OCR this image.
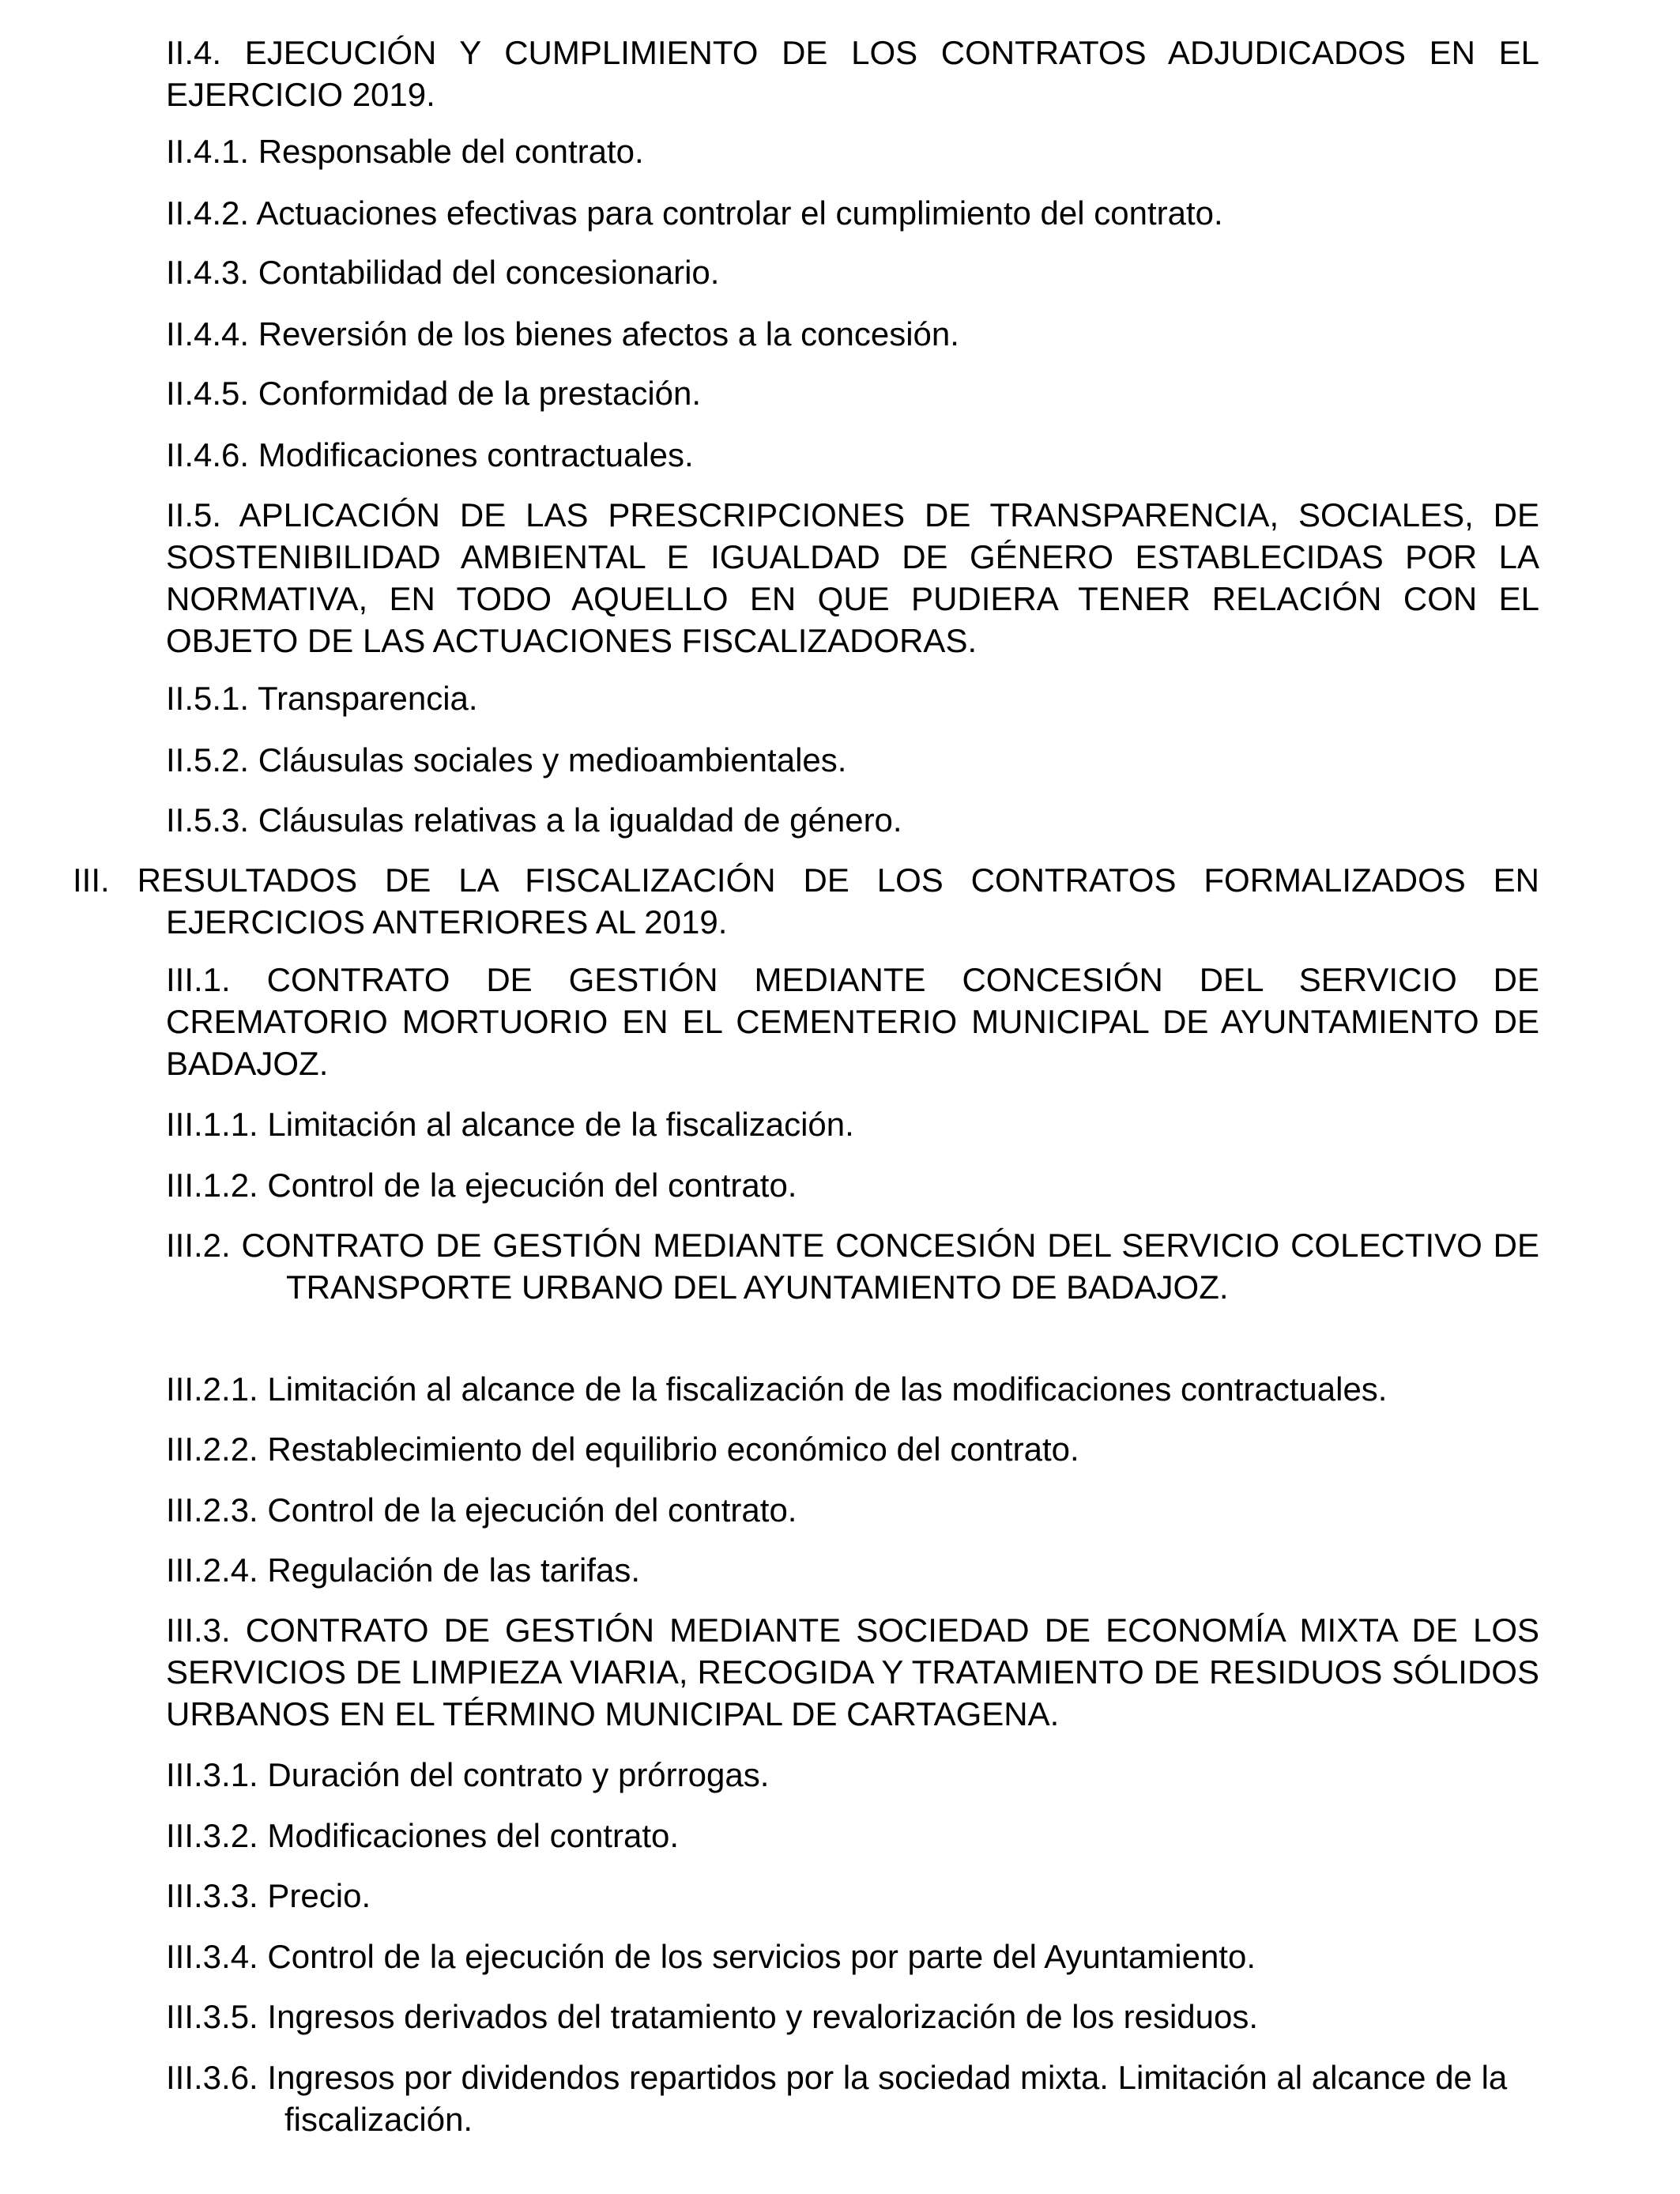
II.4. EJECUCIÓN Y CUMPLIMIENTO DE LOS CONTRATOS ADJUDICADOS EN EL EJERCICIO 2019.

II.4.1. Responsable del contrato.

II.4.2. Actuaciones efectivas para controlar el cumplimiento del contrato.

II.4.3. Contabilidad del concesionario.

II.4.4. Reversión de los bienes afectos a la concesión.

II.4.5. Conformidad de la prestación.

II.4.6. Modificaciones contractuales.

II.5. APLICACIÓN DE LAS PRESCRIPCIONES DE TRANSPARENCIA, SOCIALES, DE SOSTENIBILIDAD AMBIENTAL E IGUALDAD DE GÉNERO ESTABLECIDAS POR LA NORMATIVA, EN TODO AQUELLO EN QUE PUDIERA TENER RELACIÓN CON EL OBJETO DE LAS ACTUACIONES FISCALIZADORAS.

II.5.1. Transparencia.

II.5.2. Cláusulas sociales y medioambientales.

II.5.3. Cláusulas relativas a la igualdad de género.

III. RESULTADOS DE LA FISCALIZACIÓN DE LOS CONTRATOS FORMALIZADOS EN EJERCICIOS ANTERIORES AL 2019.

III.1. CONTRATO DE GESTIÓN MEDIANTE CONCESIÓN DEL SERVICIO DE CREMATORIO MORTUORIO EN EL CEMENTERIO MUNICIPAL DE AYUNTAMIENTO DE BADAJOZ.

III.1.1. Limitación al alcance de la fiscalización.

III.1.2. Control de la ejecución del contrato.

III.2. CONTRATO DE GESTIÓN MEDIANTE CONCESIÓN DEL SERVICIO COLECTIVO DE TRANSPORTE URBANO DEL AYUNTAMIENTO DE BADAJOZ.

III.2.1. Limitación al alcance de la fiscalización de las modificaciones contractuales.

III.2.2. Restablecimiento del equilibrio económico del contrato.

III.2.3. Control de la ejecución del contrato.

III.2.4. Regulación de las tarifas.

III.3. CONTRATO DE GESTIÓN MEDIANTE SOCIEDAD DE ECONOMÍA MIXTA DE LOS SERVICIOS DE LIMPIEZA VIARIA, RECOGIDA Y TRATAMIENTO DE RESIDUOS SÓLIDOS URBANOS EN EL TÉRMINO MUNICIPAL DE CARTAGENA.

III.3.1. Duración del contrato y prórrogas.

III.3.2. Modificaciones del contrato.

III.3.3. Precio.

III.3.4. Control de la ejecución de los servicios por parte del Ayuntamiento.

III.3.5. Ingresos derivados del tratamiento y revalorización de los residuos.

III.3.6. Ingresos por dividendos repartidos por la sociedad mixta. Limitación al alcance de la fiscalización.
